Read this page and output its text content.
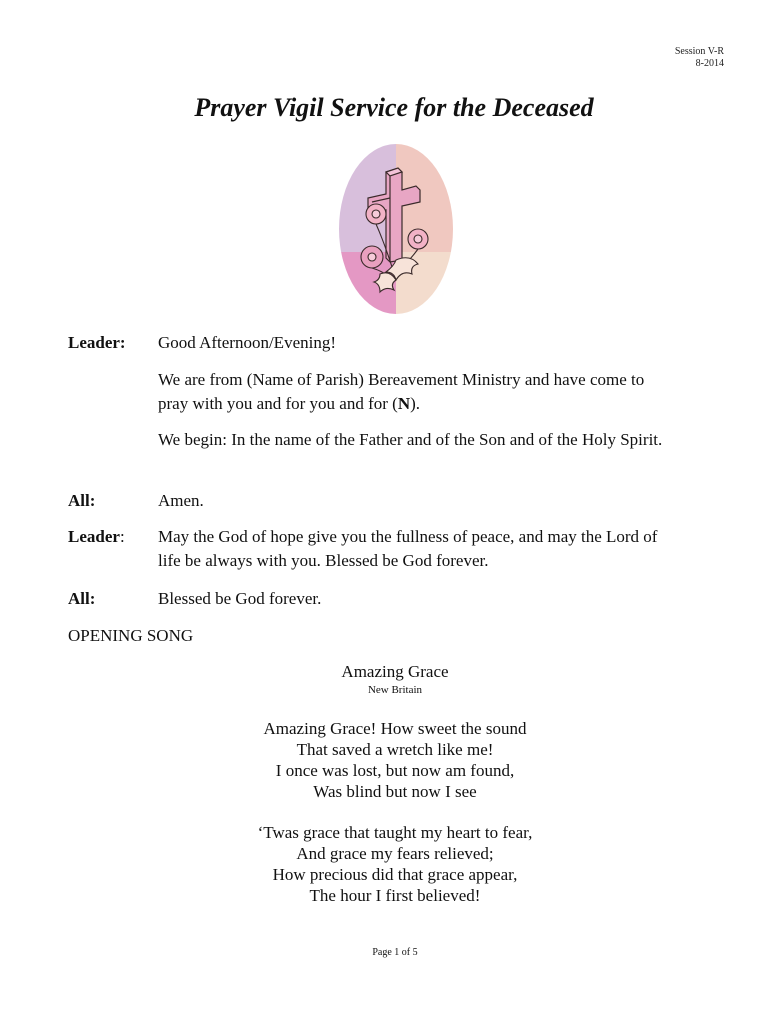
Session V-R
8-2014
Prayer Vigil Service for the Deceased
Leader:	Good Afternoon/Evening!
We are from (Name of Parish) Bereavement Ministry and have come to pray with you and for you and for (N).
We begin: In the name of the Father and of the Son and of the Holy Spirit.
All:	Amen.
Leader:	May the God of hope give you the fullness of peace, and may the Lord of life be always with you. Blessed be God forever.
All:	Blessed be God forever.
OPENING SONG
Amazing Grace
New Britain
Amazing Grace! How sweet the sound
That saved a wretch like me!
I once was lost, but now am found,
Was blind but now I see
‘Twas grace that taught my heart to fear,
And grace my fears relieved;
How precious did that grace appear,
The hour I first believed!
Page 1 of 5
